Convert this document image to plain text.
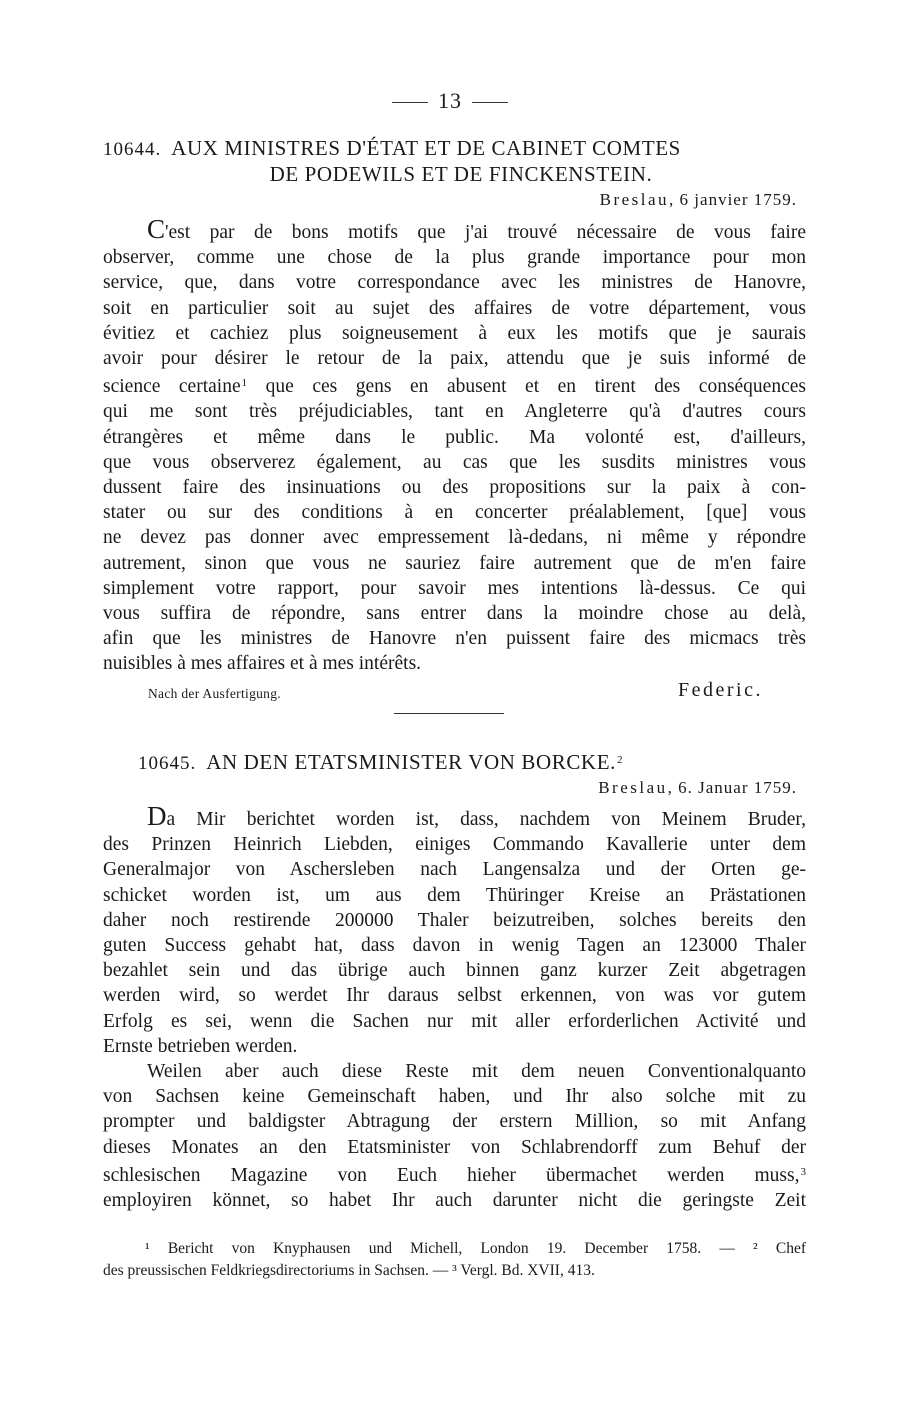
13
10644. AUX MINISTRES D'ÉTAT ET DE CABINET COMTES
DE PODEWILS ET DE FINCKENSTEIN.
Breslau, 6 janvier 1759.
C'est par de bons motifs que j'ai trouvé nécessaire de vous faire
observer, comme une chose de la plus grande importance pour mon
service, que, dans votre correspondance avec les ministres de Hanovre,
soit en particulier soit au sujet des affaires de votre département, vous
évitiez et cachiez plus soigneusement à eux les motifs que je saurais
avoir pour désirer le retour de la paix, attendu que je suis informé de
science certaine$^1$ que ces gens en abusent et en tirent des conséquences
qui me sont très préjudiciables, tant en Angleterre qu'à d'autres cours
étrangères et même dans le public. Ma volonté est, d'ailleurs,
que vous observerez également, au cas que les susdits ministres vous
dussent faire des insinuations ou des propositions sur la paix à con-
stater ou sur des conditions à en concerter préalablement, [que] vous
ne devez pas donner avec empressement là-dedans, ni même y répondre
autrement, sinon que vous ne sauriez faire autrement que de m'en faire
simplement votre rapport, pour savoir mes intentions là-dessus. Ce qui
vous suffira de répondre, sans entrer dans la moindre chose au delà,
afin que les ministres de Hanovre n'en puissent faire des micmacs très
nuisibles à mes affaires et à mes intérêts.
Nach der Ausfertigung.	Federic.
10645. AN DEN ETATSMINISTER VON BORCKE.$^2$
Breslau, 6. Januar 1759.
Da Mir berichtet worden ist, dass, nachdem von Meinem Bruder,
des Prinzen Heinrich Liebden, einiges Commando Kavallerie unter dem
Generalmajor von Aschersleben nach Langensalza und der Orten ge-
schicket worden ist, um aus dem Thüringer Kreise an Prästationen
daher noch restirende 200000 Thaler beizutreiben, solches bereits den
guten Success gehabt hat, dass davon in wenig Tagen an 123000 Thaler
bezahlet sein und das übrige auch binnen ganz kurzer Zeit abgetragen
werden wird, so werdet Ihr daraus selbst erkennen, von was vor gutem
Erfolg es sei, wenn die Sachen nur mit aller erforderlichen Activité und
Ernste betrieben werden.
Weilen aber auch diese Reste mit dem neuen Conventionalquanto
von Sachsen keine Gemeinschaft haben, und Ihr also solche mit zu
prompter und baldigster Abtragung der erstern Million, so mit Anfang
dieses Monates an den Etatsminister von Schlabrendorff zum Behuf der
schlesischen Magazine von Euch hieher übermachet werden muss,$^3$
employiren könnet, so habet Ihr auch darunter nicht die geringste Zeit
¹ Bericht von Knyphausen und Michell, London 19. December 1758. — ² Chef
des preussischen Feldkriegsdirectoriums in Sachsen. — ³ Vergl. Bd. XVII, 413.
